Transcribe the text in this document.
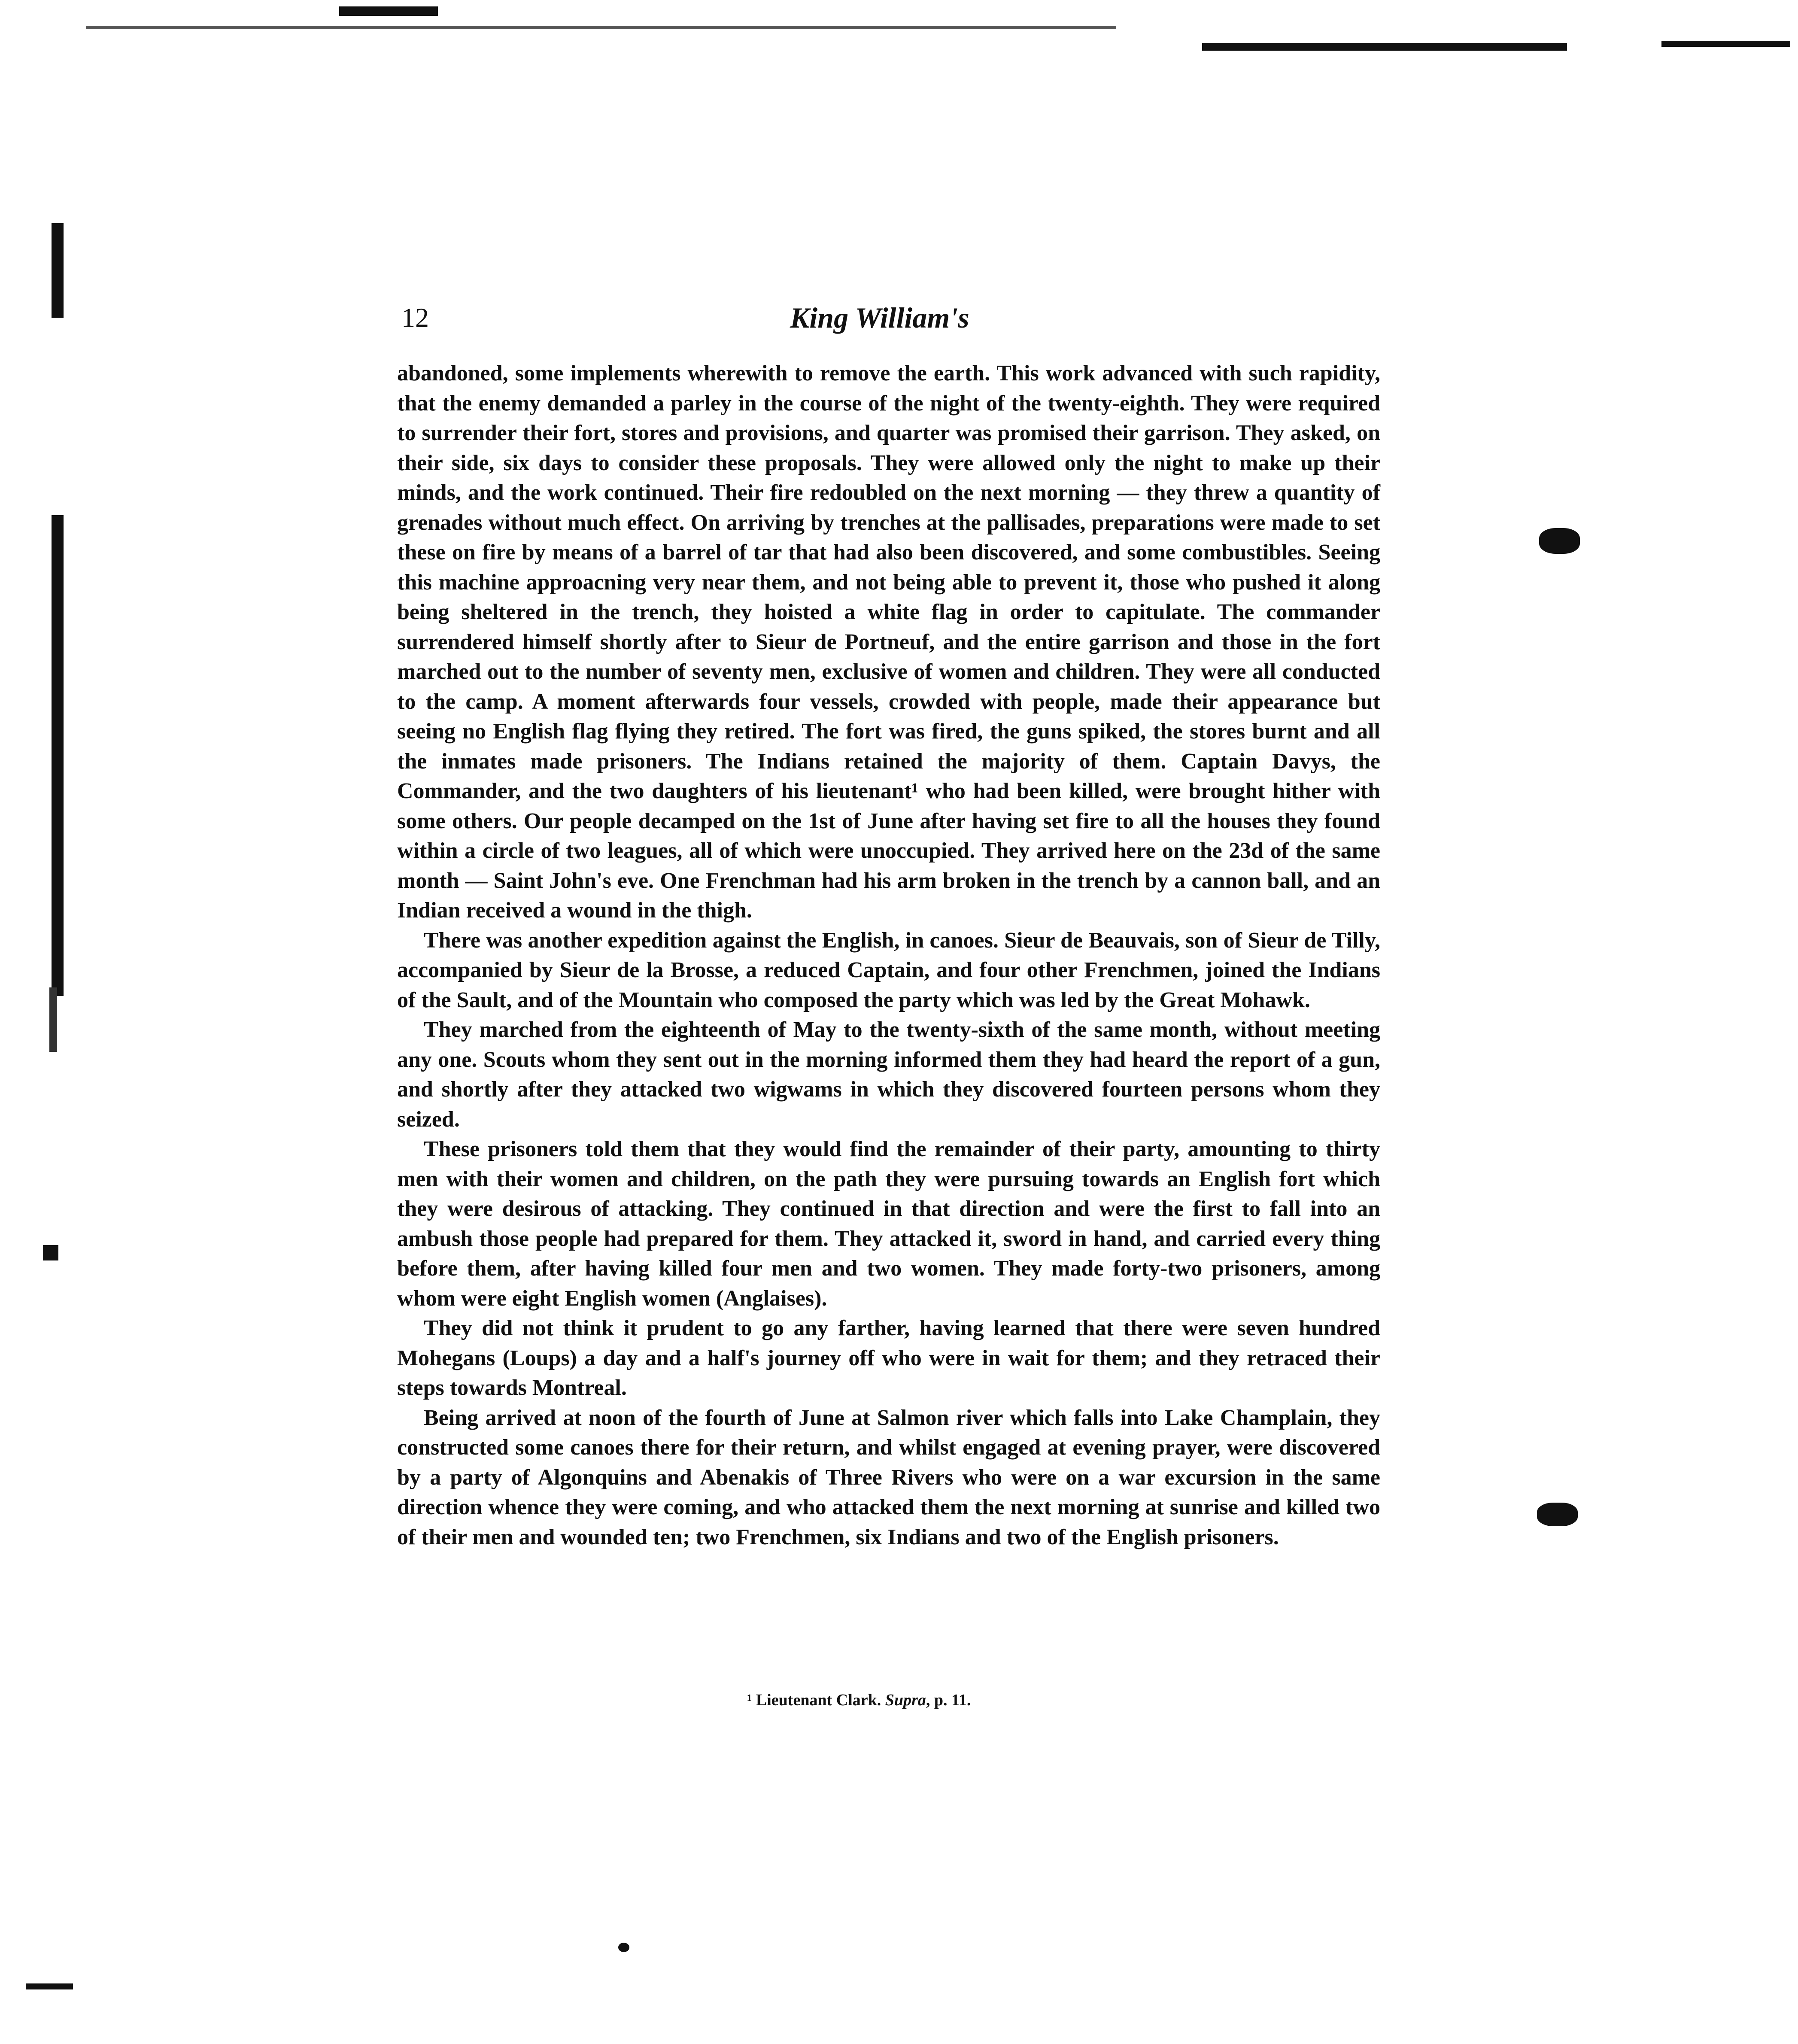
12	King William's

abandoned, some implements wherewith to remove the earth. This work advanced with such rapidity, that the enemy demanded a parley in the course of the night of the twenty-eighth. They were required to surrender their fort, stores and provisions, and quarter was promised their garrison. They asked, on their side, six days to consider these proposals. They were allowed only the night to make up their minds, and the work continued. Their fire redoubled on the next morning — they threw a quantity of grenades without much effect. On arriving by trenches at the pallisades, preparations were made to set these on fire by means of a barrel of tar that had also been discovered, and some combustibles. Seeing this machine approacning very near them, and not being able to prevent it, those who pushed it along being sheltered in the trench, they hoisted a white flag in order to capitulate. The commander surrendered himself shortly after to Sieur de Portneuf, and the entire garrison and those in the fort marched out to the number of seventy men, exclusive of women and children. They were all conducted to the camp. A moment afterwards four vessels, crowded with people, made their appearance but seeing no English flag flying they retired. The fort was fired, the guns spiked, the stores burnt and all the inmates made prisoners. The Indians retained the majority of them. Captain Davys, the Commander, and the two daughters of his lieutenant¹ who had been killed, were brought hither with some others. Our people decamped on the 1st of June after having set fire to all the houses they found within a circle of two leagues, all of which were unoccupied. They arrived here on the 23d of the same month — Saint John's eve. One Frenchman had his arm broken in the trench by a cannon ball, and an Indian received a wound in the thigh.

There was another expedition against the English, in canoes. Sieur de Beauvais, son of Sieur de Tilly, accompanied by Sieur de la Brosse, a reduced Captain, and four other Frenchmen, joined the Indians of the Sault, and of the Mountain who composed the party which was led by the Great Mohawk.

They marched from the eighteenth of May to the twenty-sixth of the same month, without meeting any one. Scouts whom they sent out in the morning informed them they had heard the report of a gun, and shortly after they attacked two wigwams in which they discovered fourteen persons whom they seized.

These prisoners told them that they would find the remainder of their party, amounting to thirty men with their women and children, on the path they were pursuing towards an English fort which they were desirous of attacking. They continued in that direction and were the first to fall into an ambush those people had prepared for them. They attacked it, sword in hand, and carried every thing before them, after having killed four men and two women. They made forty-two prisoners, among whom were eight English women (Anglaises).

They did not think it prudent to go any farther, having learned that there were seven hundred Mohegans (Loups) a day and a half's journey off who were in wait for them; and they retraced their steps towards Montreal.

Being arrived at noon of the fourth of June at Salmon river which falls into Lake Champlain, they constructed some canoes there for their return, and whilst engaged at evening prayer, were discovered by a party of Algonquins and Abenakis of Three Rivers who were on a war excursion in the same direction whence they were coming, and who attacked them the next morning at sunrise and killed two of their men and wounded ten; two Frenchmen, six Indians and two of the English prisoners.

¹ Lieutenant Clark. Supra, p. 11.
